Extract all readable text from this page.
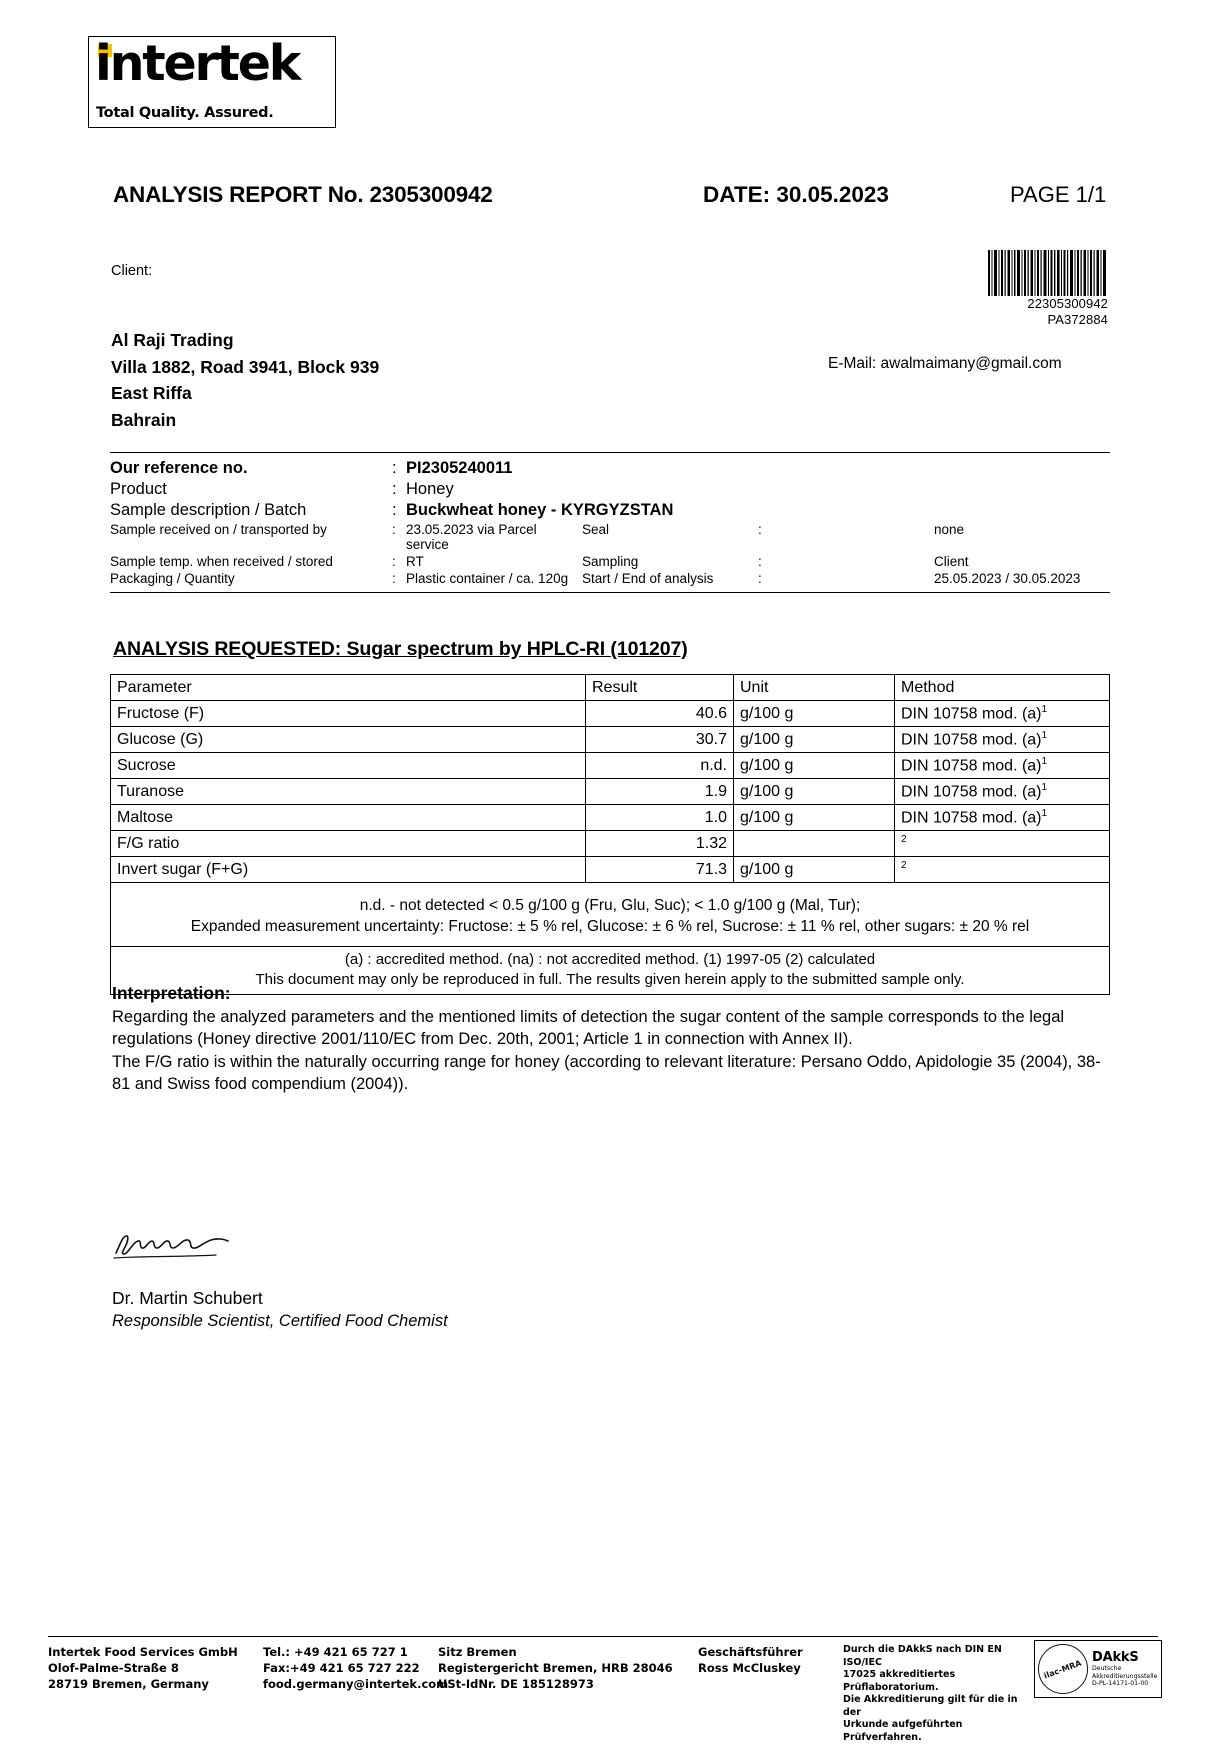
intertek
Total Quality. Assured.
ANALYSIS REPORT No. 2305300942	DATE: 30.05.2023	PAGE 1/1
Client:
Al Raji Trading
Villa 1882, Road 3941, Block 939
East Riffa
Bahrain
E-Mail: awalmaimany@gmail.com
22305300942
PA372884
Our reference no.	:	PI2305240011			
Product	:	Honey			
Sample description / Batch	:	Buckwheat honey - KYRGYZSTAN			
Sample received on / transported by	:	23.05.2023 via Parcel service	Seal	:	none
Sample temp. when received / stored	:	RT	Sampling	:	Client
Packaging / Quantity	:	Plastic container / ca. 120g	Start / End of analysis	:	25.05.2023 / 30.05.2023
ANALYSIS REQUESTED: Sugar spectrum by HPLC-RI (101207)
Parameter	Result	Unit	Method
Fructose (F)	40.6	g/100 g	DIN 10758 mod. $(a)^1$
Glucose (G)	30.7	g/100 g	DIN 10758 mod. $(a)^1$
Sucrose	n.d.	g/100 g	DIN 10758 mod. $(a)^1$
Turanose	1.9	g/100 g	DIN 10758 mod. $(a)^1$
Maltose	1.0	g/100 g	DIN 10758 mod. $(a)^1$
F/G ratio	1.32		$^2$
Invert sugar (F+G)	71.3	g/100 g	$^2$
n.d. - not detected < 0.5 g/100 g (Fru, Glu, Suc); < 1.0 g/100 g (Mal, Tur);
Expanded measurement uncertainty: Fructose: ± 5 % rel, Glucose: ± 6 % rel, Sucrose: ± 11 % rel, other sugars: ± 20 % rel
(a) : accredited method. (na) : not accredited method. (1) 1997-05 (2) calculated
This document may only be reproduced in full. The results given herein apply to the submitted sample only.
Interpretation:
Regarding the analyzed parameters and the mentioned limits of detection the sugar content of the sample corresponds to the legal regulations (Honey directive 2001/110/EC from Dec. 20th, 2001; Article 1 in connection with Annex II).
The F/G ratio is within the naturally occurring range for honey (according to relevant literature: Persano Oddo, Apidologie 35 (2004), 38-81 and Swiss food compendium (2004)).
Dr. Martin Schubert
Responsible Scientist, Certified Food Chemist
Intertek Food Services GmbH
Olof-Palme-Straße 8
28719 Bremen, Germany
Tel.: +49 421 65 727 1
Fax:+49 421 65 727 222
food.germany@intertek.com
Sitz Bremen
Registergericht Bremen, HRB 28046
USt-IdNr. DE 185128973
Geschäftsführer
Ross McCluskey
Durch die DAkkS nach DIN EN ISO/IEC
17025 akkreditiertes Prüflaboratorium.
Die Akkreditierung gilt für die in der
Urkunde aufgeführten Prüfverfahren.
ilac-MRA
DAkkS
Deutsche
Akkreditierungsstelle
D-PL-14171-01-00
